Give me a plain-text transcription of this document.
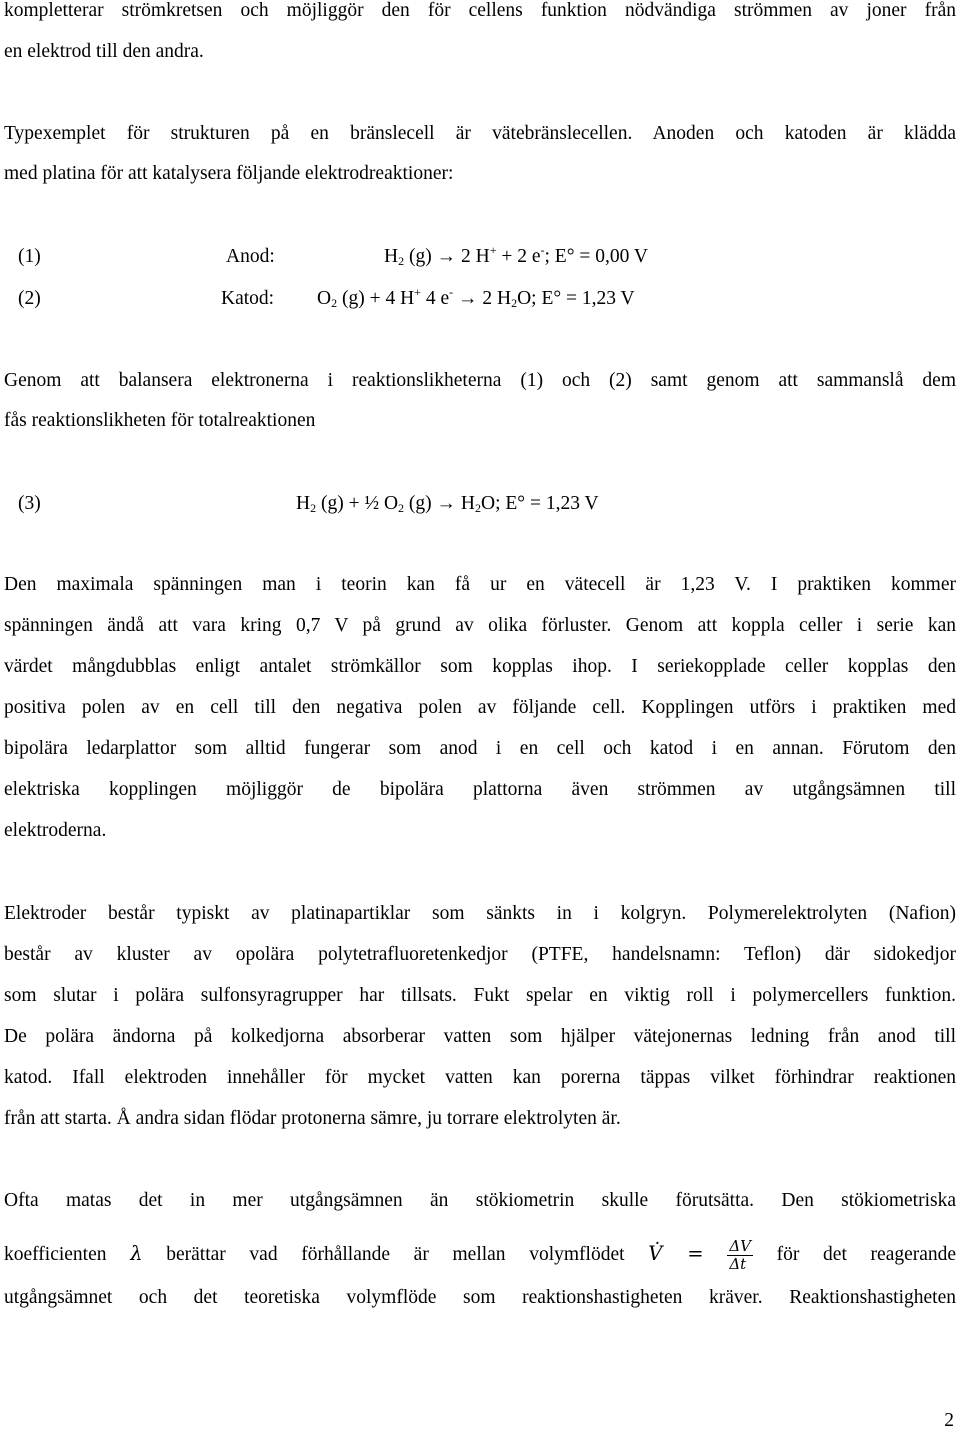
kompletterar strömkretsen och möjliggör den för cellens funktion nödvändiga strömmen av joner från
en elektrod till den andra.
Typexemplet för strukturen på en bränslecell är vätebränslecellen. Anoden och katoden är klädda
med platina för att katalysera följande elektrodreaktioner:
(1)	Anod:	$H_2$ (g) → 2 H+ + 2 e-; E° = 0,00 V
(2)	Katod: $O_2$ (g) + 4 H+ 4 e- → 2 $H_2O$; E° = 1,23 V
Genom att balansera elektronerna i reaktionslikheterna (1) och (2) samt genom att sammanslå dem
fås reaktionslikheten för totalreaktionen
(3)	$H_2$ (g) + ½ $O_2$ $(g) \to H_2O$; E° = 1,23 V
Den maximala spänningen man i teorin kan få ur en vätecell är 1,23 V. I praktiken kommer
spänningen ändå att vara kring 0,7 V på grund av olika förluster. Genom att koppla celler i serie kan
värdet mångdubblas enligt antalet strömkällor som kopplas ihop. I seriekopplade celler kopplas den
positiva polen av en cell till den negativa polen av följande cell. Kopplingen utförs i praktiken med
bipolära ledarplattor som alltid fungerar som anod i en cell och katod i en annan. Förutom den
elektriska kopplingen möjliggör de bipolära plattorna även strömmen av utgångsämnen till
elektroderna.
Elektroder består typiskt av platinapartiklar som sänkts in i kolgryn. Polymerelektrolyten (Nafion)
består av kluster av opolära polytetrafluoretenkedjor (PTFE, handelsnamn: Teflon) där sidokedjor
som slutar i polära sulfonsyragrupper har tillsats. Fukt spelar en viktig roll i polymercellers funktion.
De polära ändorna på kolkedjorna absorberar vatten som hjälper vätejonernas ledning från anod till
katod. Ifall elektroden innehåller för mycket vatten kan porerna täppas vilket förhindrar reaktionen
från att starta. Å andra sidan flödar protonerna sämre, ju torrare elektrolyten är.
Ofta matas det in mer utgångsämnen än stökiometrin skulle förutsätta. Den stökiometriska
koefficienten λ berättar vad förhållande är mellan volymflödet V̇ = $\frac{\Delta V}{\Delta t}$ för det reagerande
utgångsämnet och det teoretiska volymflöde som reaktionshastigheten kräver. Reaktionshastigheten
2
